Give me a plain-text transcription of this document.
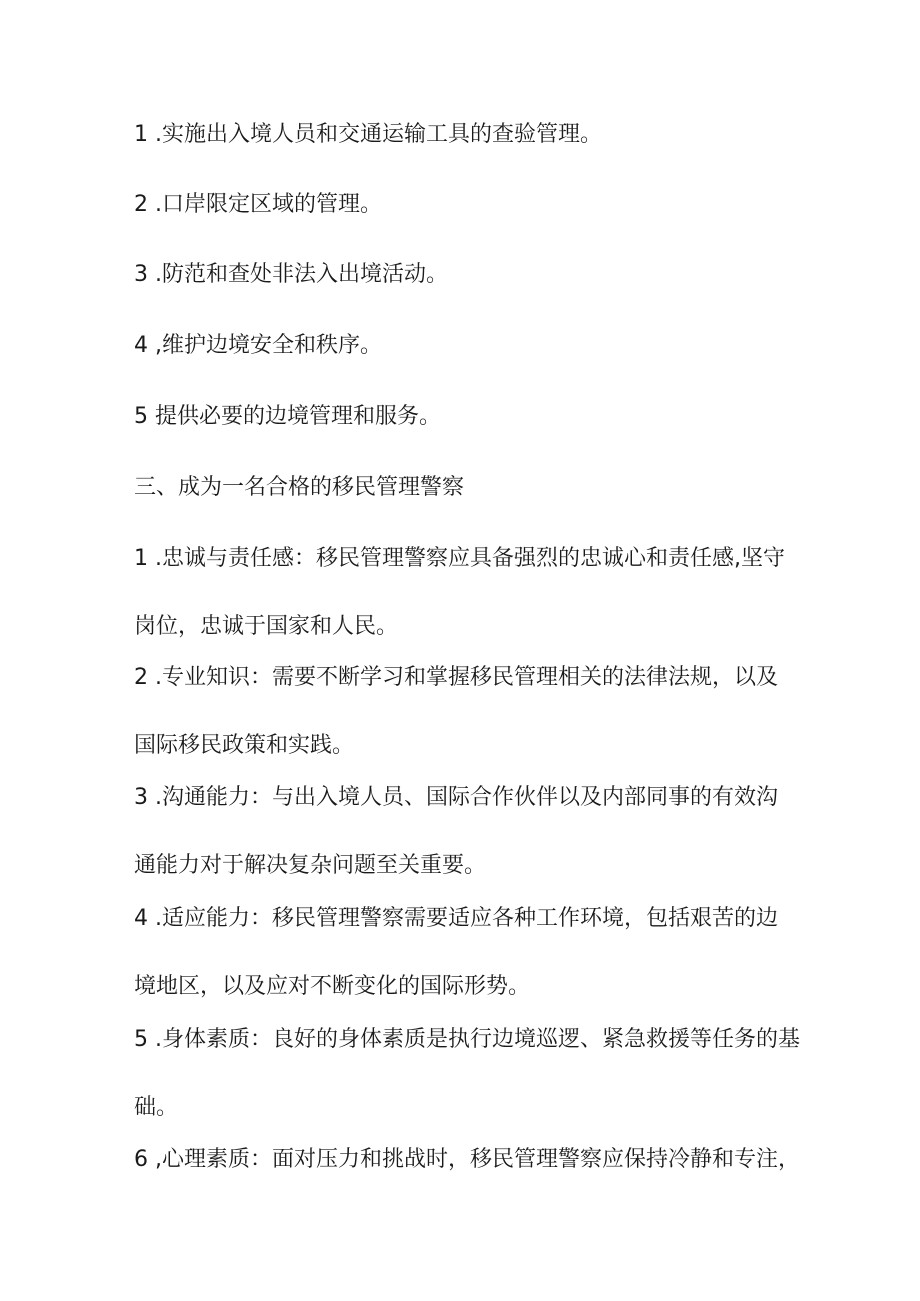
1 .实施出入境人员和交通运输工具的查验管理。
2 .口岸限定区域的管理。
3 .防范和查处非法入出境活动。
4 ,维护边境安全和秩序。
5 提供必要的边境管理和服务。
三、成为一名合格的移民管理警察
1 .忠诚与责任感：移民管理警察应具备强烈的忠诚心和责任感,坚守
岗位，忠诚于国家和人民。
2 .专业知识：需要不断学习和掌握移民管理相关的法律法规，以及
国际移民政策和实践。
3 .沟通能力：与出入境人员、国际合作伙伴以及内部同事的有效沟
通能力对于解决复杂问题至关重要。
4 .适应能力：移民管理警察需要适应各种工作环境，包括艰苦的边
境地区，以及应对不断变化的国际形势。
5 .身体素质：良好的身体素质是执行边境巡逻、紧急救援等任务的基
础。
6 ,心理素质：面对压力和挑战时，移民管理警察应保持冷静和专注，
